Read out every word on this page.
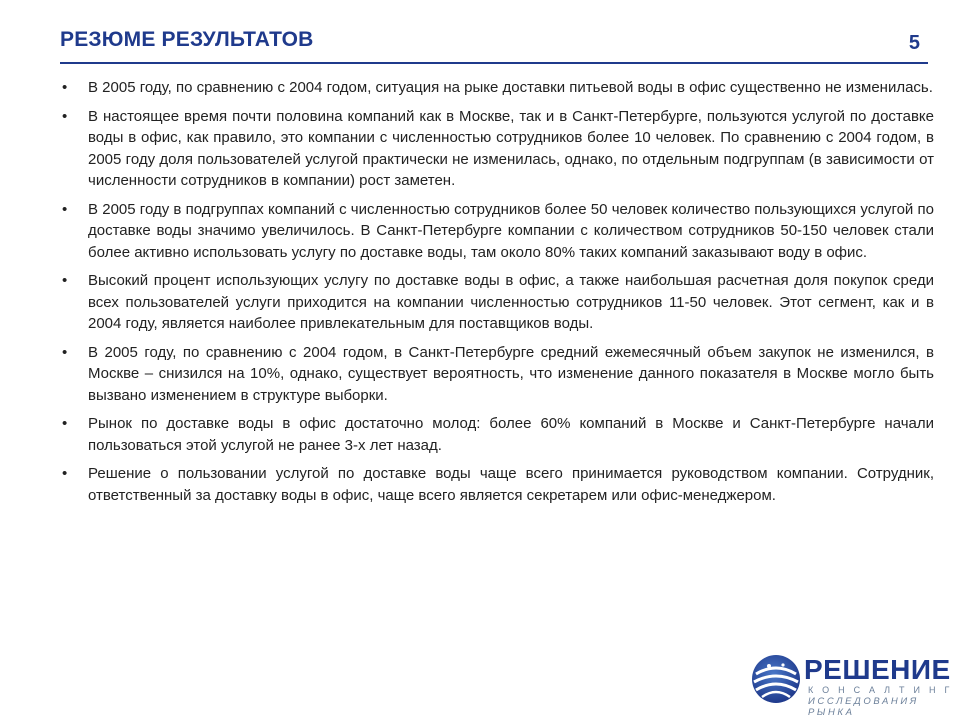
РЕЗЮМЕ РЕЗУЛЬТАТОВ	5
• В 2005 году, по сравнению с 2004 годом, ситуация на рыке доставки питьевой воды в офис существенно не изменилась.
• В настоящее время почти половина компаний как в Москве, так и в Санкт-Петербурге, пользуются услугой по доставке воды в офис, как правило, это компании с численностью сотрудников более 10 человек. По сравнению с 2004 годом, в 2005 году доля пользователей услугой практически не изменилась, однако, по отдельным подгруппам (в зависимости от численности сотрудников в компании) рост заметен.
• В 2005 году в подгруппах компаний с численностью сотрудников более 50 человек количество пользующихся услугой по доставке воды значимо увеличилось. В Санкт-Петербурге компании с количеством сотрудников 50-150 человек стали более активно использовать услугу по доставке воды, там около 80% таких компаний заказывают воду в офис.
• Высокий процент использующих услугу по доставке воды в офис, а также наибольшая расчетная доля покупок среди всех пользователей услуги приходится на компании численностью сотрудников 11-50 человек. Этот сегмент, как и в 2004 году, является наиболее привлекательным для поставщиков воды.
• В 2005 году, по сравнению с 2004 годом, в Санкт-Петербурге средний ежемесячный объем закупок не изменился, в Москве – снизился на 10%, однако, существует вероятность, что изменение данного показателя в Москве могло быть вызвано изменением в структуре выборки.
• Рынок по доставке воды в офис достаточно молод: более 60% компаний в Москве и Санкт-Петербурге начали пользоваться этой услугой не ранее 3-х лет назад.
• Решение о пользовании услугой по доставке воды чаще всего принимается руководством компании. Сотрудник, ответственный за доставку воды в офис, чаще всего является секретарем или офис-менеджером.
РЕШЕНИЕ
КОНСАЛТИНГ
ИССЛЕДОВАНИЯ РЫНКА
